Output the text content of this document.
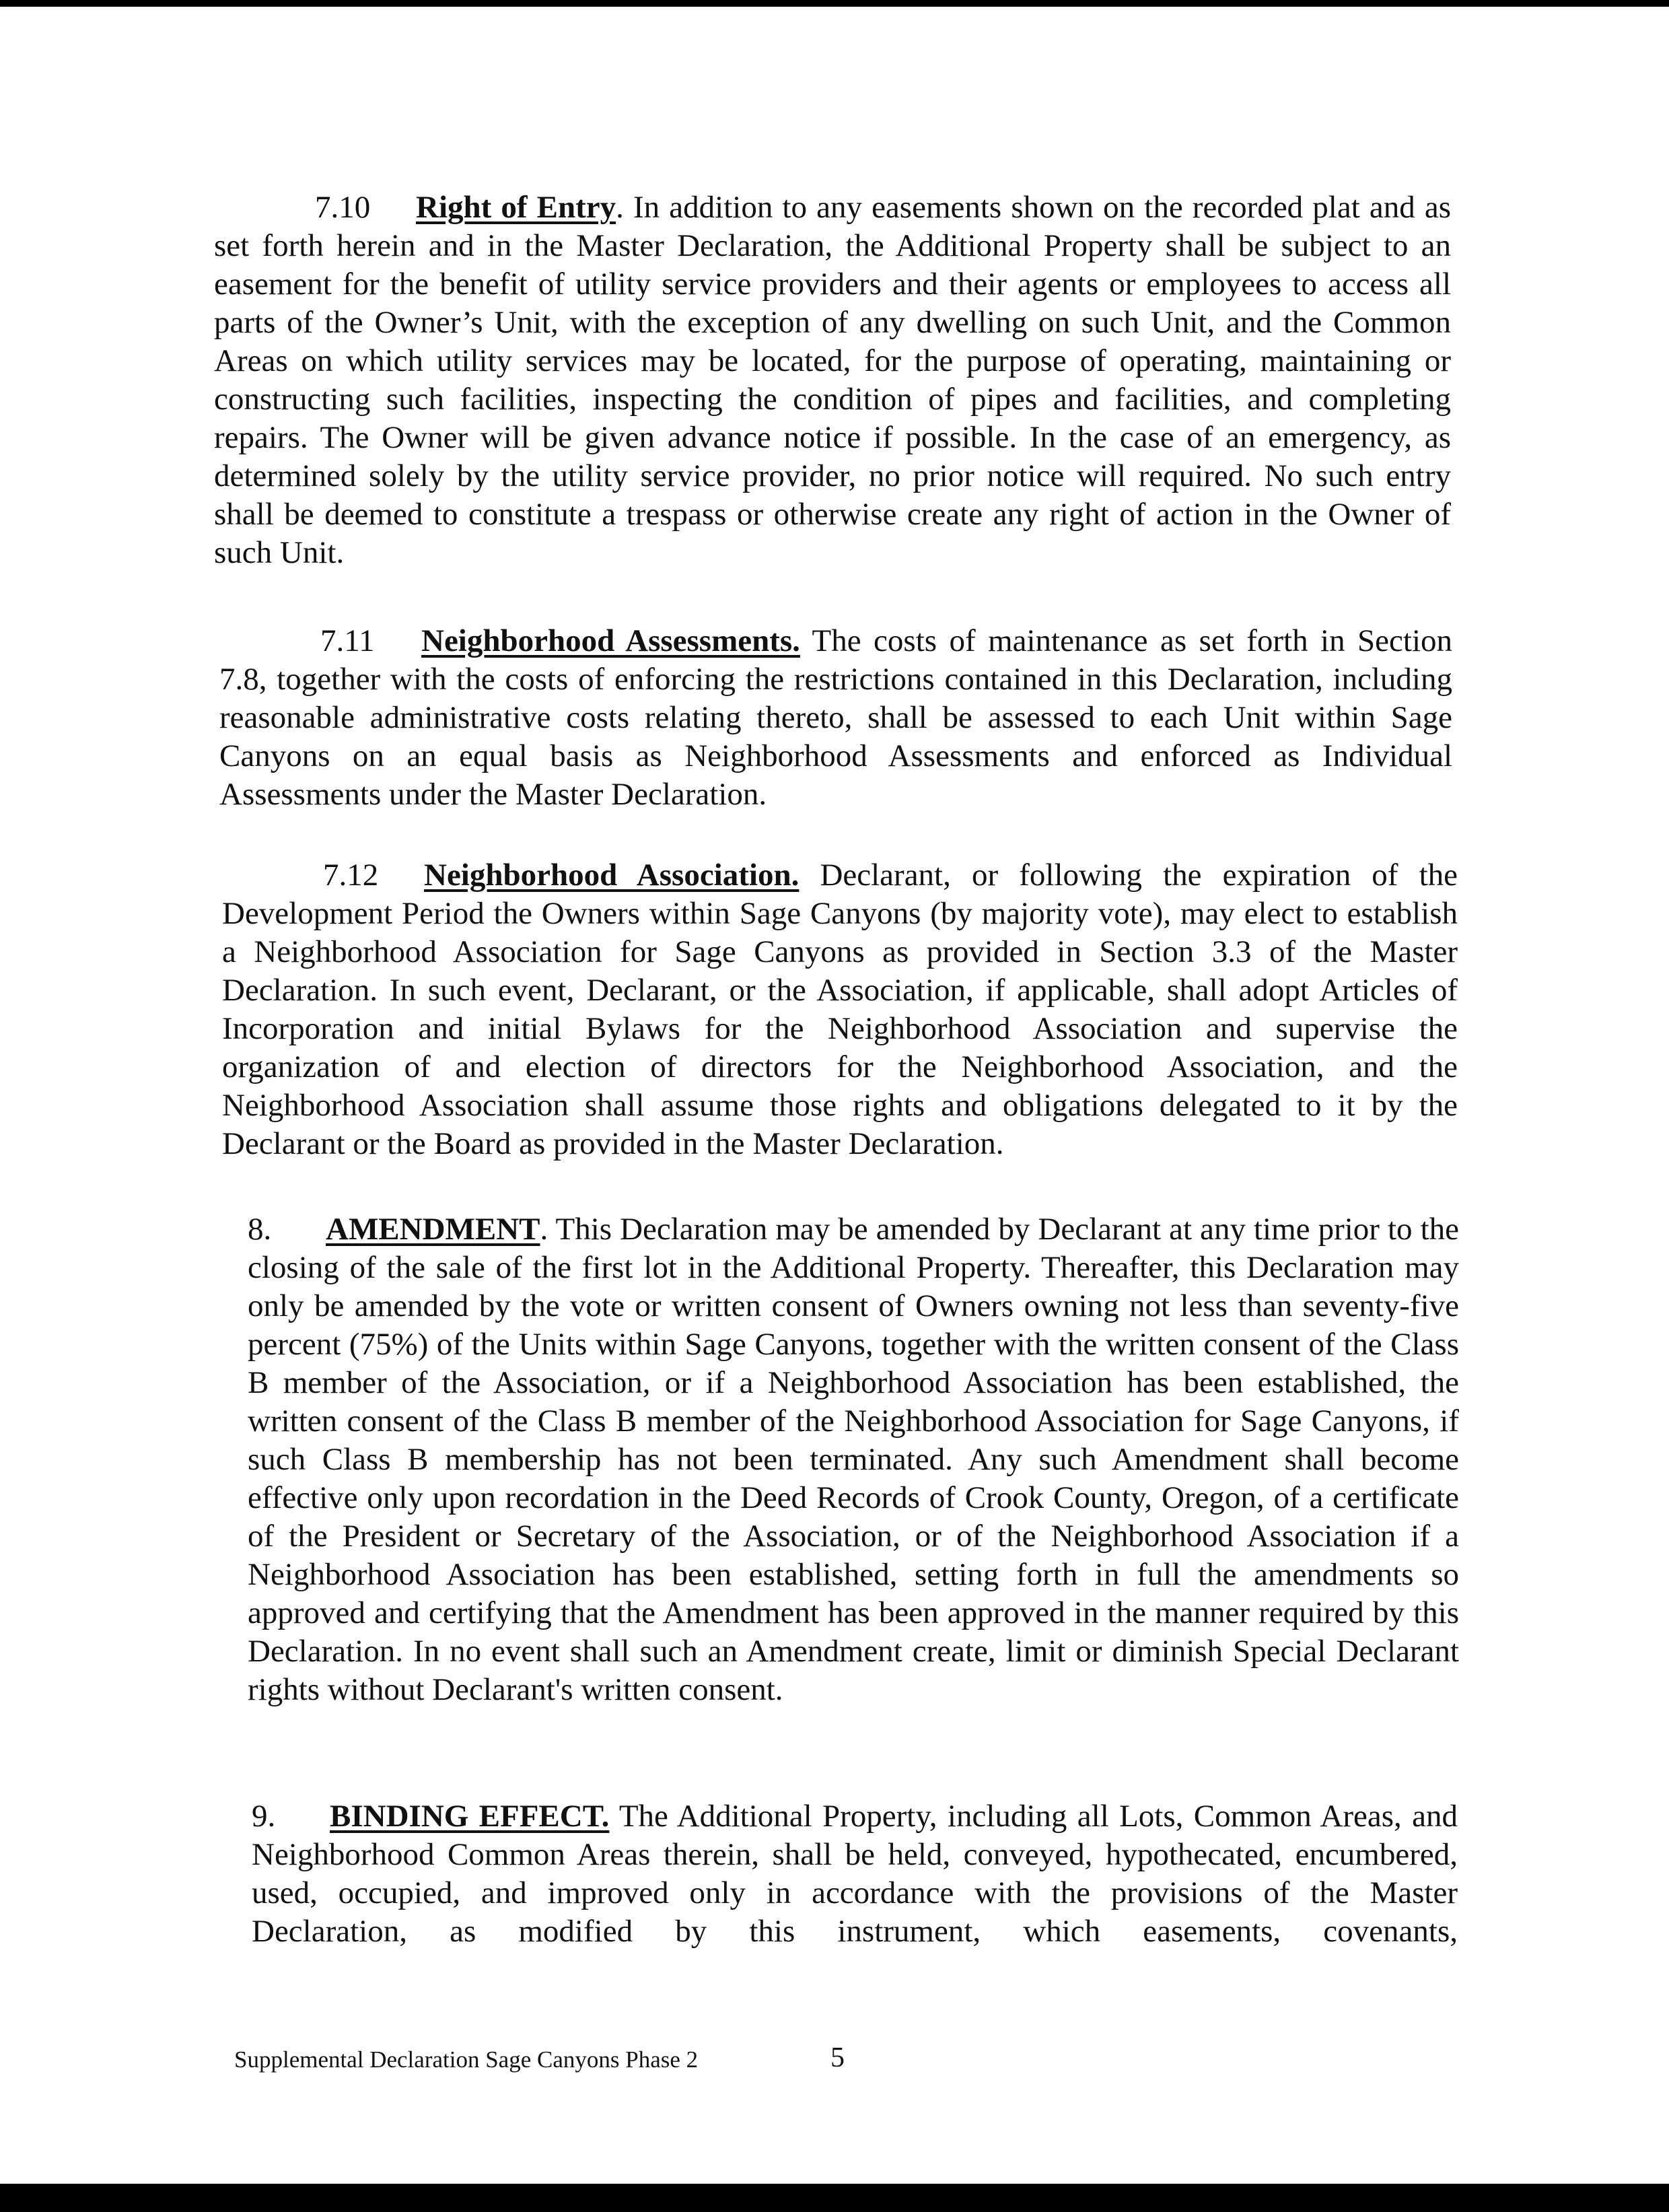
7.10 Right of Entry. In addition to any easements shown on the recorded plat and as set forth herein and in the Master Declaration, the Additional Property shall be subject to an easement for the benefit of utility service providers and their agents or employees to access all parts of the Owner’s Unit, with the exception of any dwelling on such Unit, and the Common Areas on which utility services may be located, for the purpose of operating, maintaining or constructing such facilities, inspecting the condition of pipes and facilities, and completing repairs. The Owner will be given advance notice if possible. In the case of an emergency, as determined solely by the utility service provider, no prior notice will required. No such entry shall be deemed to constitute a trespass or otherwise create any right of action in the Owner of such Unit.

7.11 Neighborhood Assessments. The costs of maintenance as set forth in Section 7.8, together with the costs of enforcing the restrictions contained in this Declaration, including reasonable administrative costs relating thereto, shall be assessed to each Unit within Sage Canyons on an equal basis as Neighborhood Assessments and enforced as Individual Assessments under the Master Declaration.

7.12 Neighborhood Association. Declarant, or following the expiration of the Development Period the Owners within Sage Canyons (by majority vote), may elect to establish a Neighborhood Association for Sage Canyons as provided in Section 3.3 of the Master Declaration. In such event, Declarant, or the Association, if applicable, shall adopt Articles of Incorporation and initial Bylaws for the Neighborhood Association and supervise the organization of and election of directors for the Neighborhood Association, and the Neighborhood Association shall assume those rights and obligations delegated to it by the Declarant or the Board as provided in the Master Declaration.

8. AMENDMENT. This Declaration may be amended by Declarant at any time prior to the closing of the sale of the first lot in the Additional Property. Thereafter, this Declaration may only be amended by the vote or written consent of Owners owning not less than seventy-five percent (75%) of the Units within Sage Canyons, together with the written consent of the Class B member of the Association, or if a Neighborhood Association has been established, the written consent of the Class B member of the Neighborhood Association for Sage Canyons, if such Class B membership has not been terminated. Any such Amendment shall become effective only upon recordation in the Deed Records of Crook County, Oregon, of a certificate of the President or Secretary of the Association, or of the Neighborhood Association if a Neighborhood Association has been established, setting forth in full the amendments so approved and certifying that the Amendment has been approved in the manner required by this Declaration. In no event shall such an Amendment create, limit or diminish Special Declarant rights without Declarant's written consent.

9. BINDING EFFECT. The Additional Property, including all Lots, Common Areas, and Neighborhood Common Areas therein, shall be held, conveyed, hypothecated, encumbered, used, occupied, and improved only in accordance with the provisions of the Master Declaration, as modified by this instrument, which easements, covenants,

Supplemental Declaration Sage Canyons Phase 2	5
